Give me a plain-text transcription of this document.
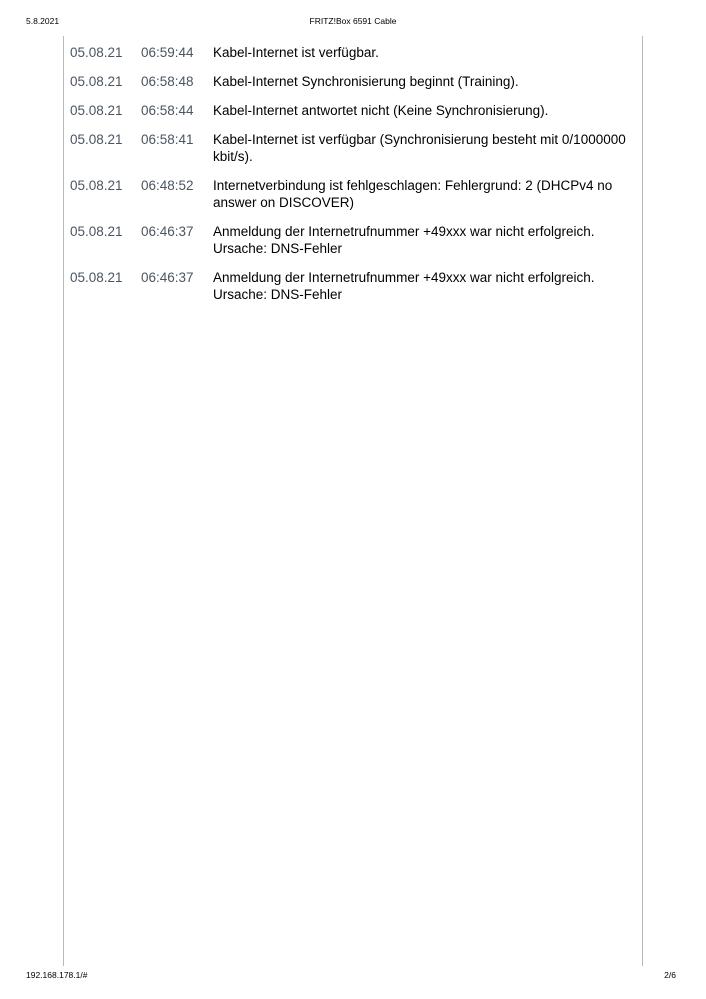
5.8.2021	FRITZ!Box 6591 Cable
05.08.21	06:59:44	Kabel-Internet ist verfügbar.
05.08.21	06:58:48	Kabel-Internet Synchronisierung beginnt (Training).
05.08.21	06:58:44	Kabel-Internet antwortet nicht (Keine Synchronisierung).
05.08.21	06:58:41	Kabel-Internet ist verfügbar (Synchronisierung besteht mit 0/1000000 kbit/s).
05.08.21	06:48:52	Internetverbindung ist fehlgeschlagen: Fehlergrund: 2 (DHCPv4 no answer on DISCOVER)
05.08.21	06:46:37	Anmeldung der Internetrufnummer +49xxx war nicht erfolgreich. Ursache: DNS-Fehler
05.08.21	06:46:37	Anmeldung der Internetrufnummer +49xxx war nicht erfolgreich. Ursache: DNS-Fehler
192.168.178.1/#	2/6
